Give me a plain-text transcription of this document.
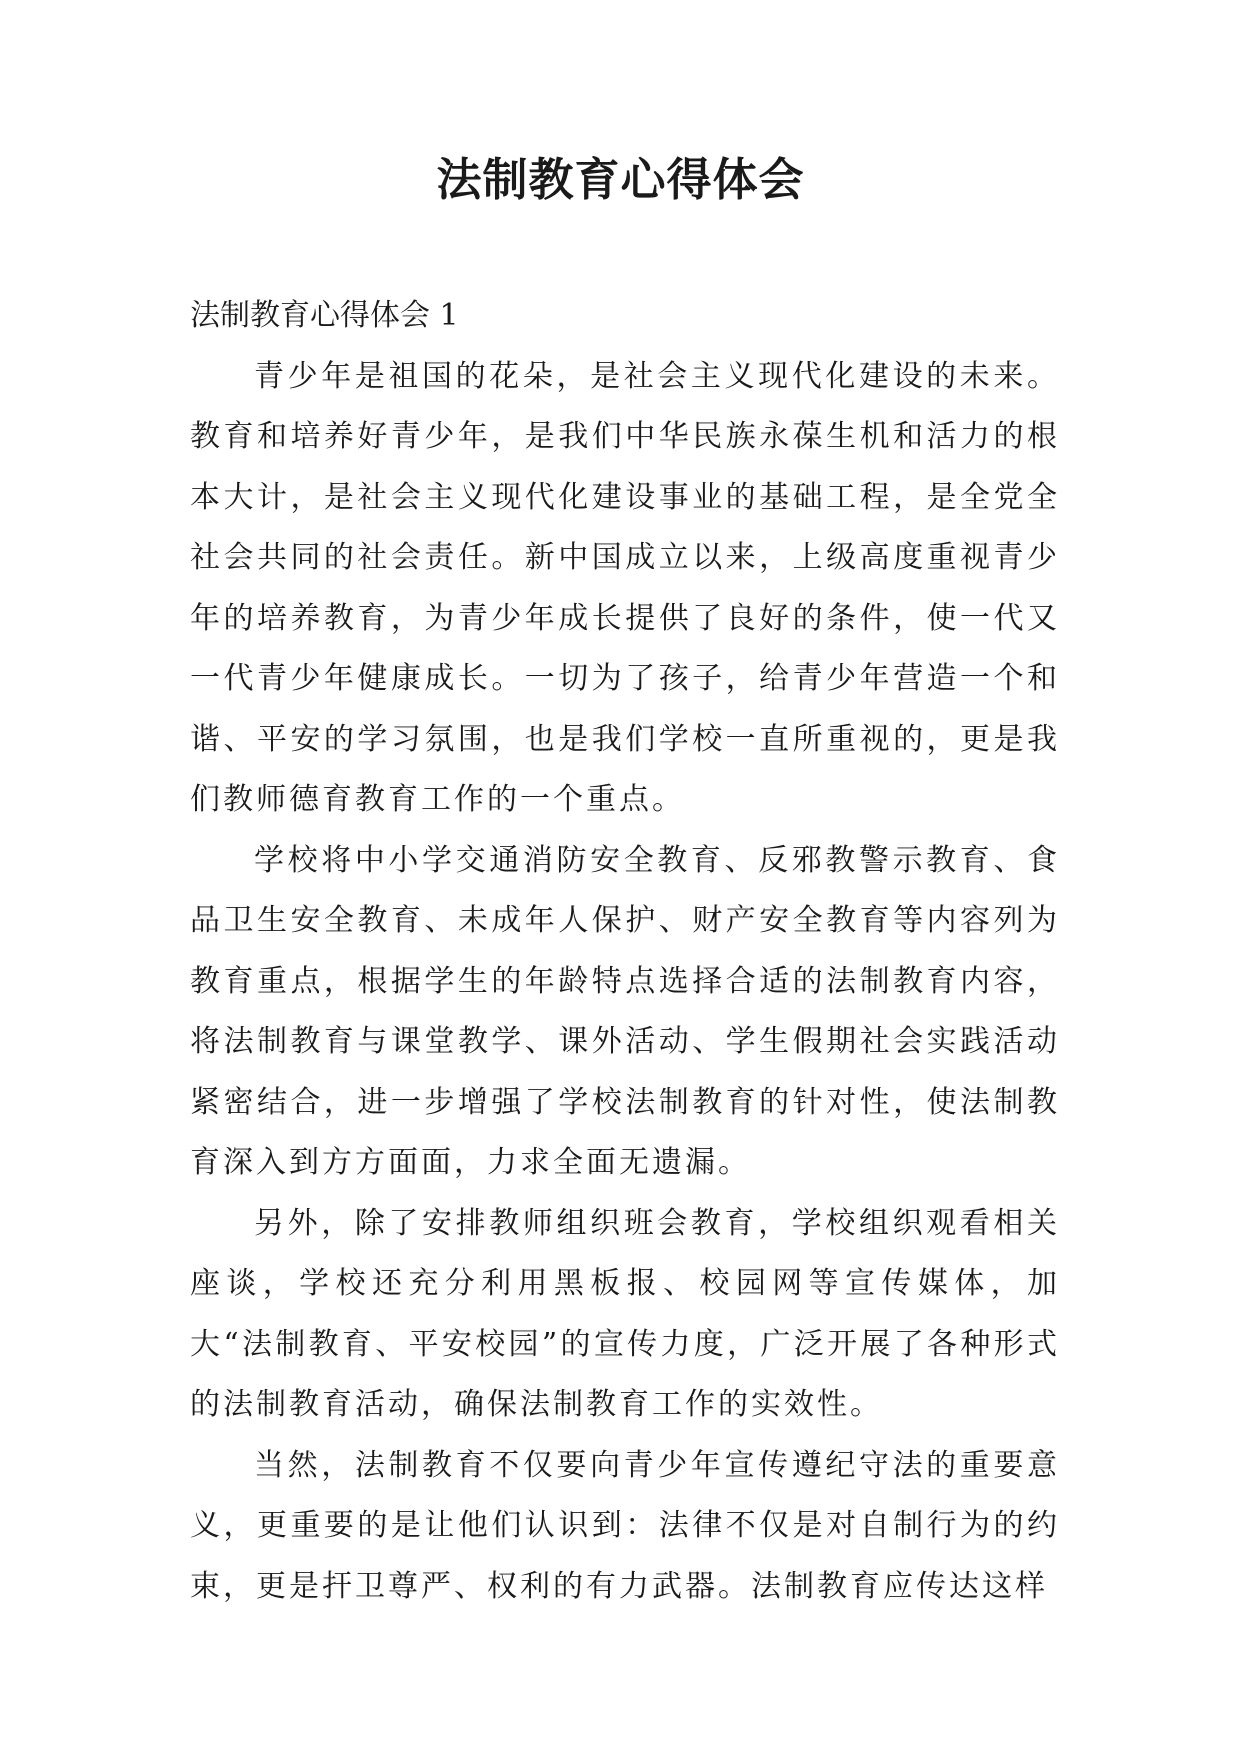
法制教育心得体会
法制教育心得体会 1

青少年是祖国的花朵，是社会主义现代化建设的未来。教育和培养好青少年，是我们中华民族永葆生机和活力的根本大计，是社会主义现代化建设事业的基础工程，是全党全社会共同的社会责任。新中国成立以来，上级高度重视青少年的培养教育，为青少年成长提供了良好的条件，使一代又一代青少年健康成长。一切为了孩子，给青少年营造一个和谐、平安的学习氛围，也是我们学校一直所重视的，更是我们教师德育教育工作的一个重点。

学校将中小学交通消防安全教育、反邪教警示教育、食品卫生安全教育、未成年人保护、财产安全教育等内容列为教育重点，根据学生的年龄特点选择合适的法制教育内容，将法制教育与课堂教学、课外活动、学生假期社会实践活动紧密结合，进一步增强了学校法制教育的针对性，使法制教育深入到方方面面，力求全面无遗漏。

另外，除了安排教师组织班会教育，学校组织观看相关座谈，学校还充分利用黑板报、校园网等宣传媒体，加大“法制教育、平安校园”的宣传力度，广泛开展了各种形式的法制教育活动，确保法制教育工作的实效性。

当然，法制教育不仅要向青少年宣传遵纪守法的重要意义，更重要的是让他们认识到：法律不仅是对自制行为的约束，更是扞卫尊严、权利的有力武器。法制教育应传达这样
